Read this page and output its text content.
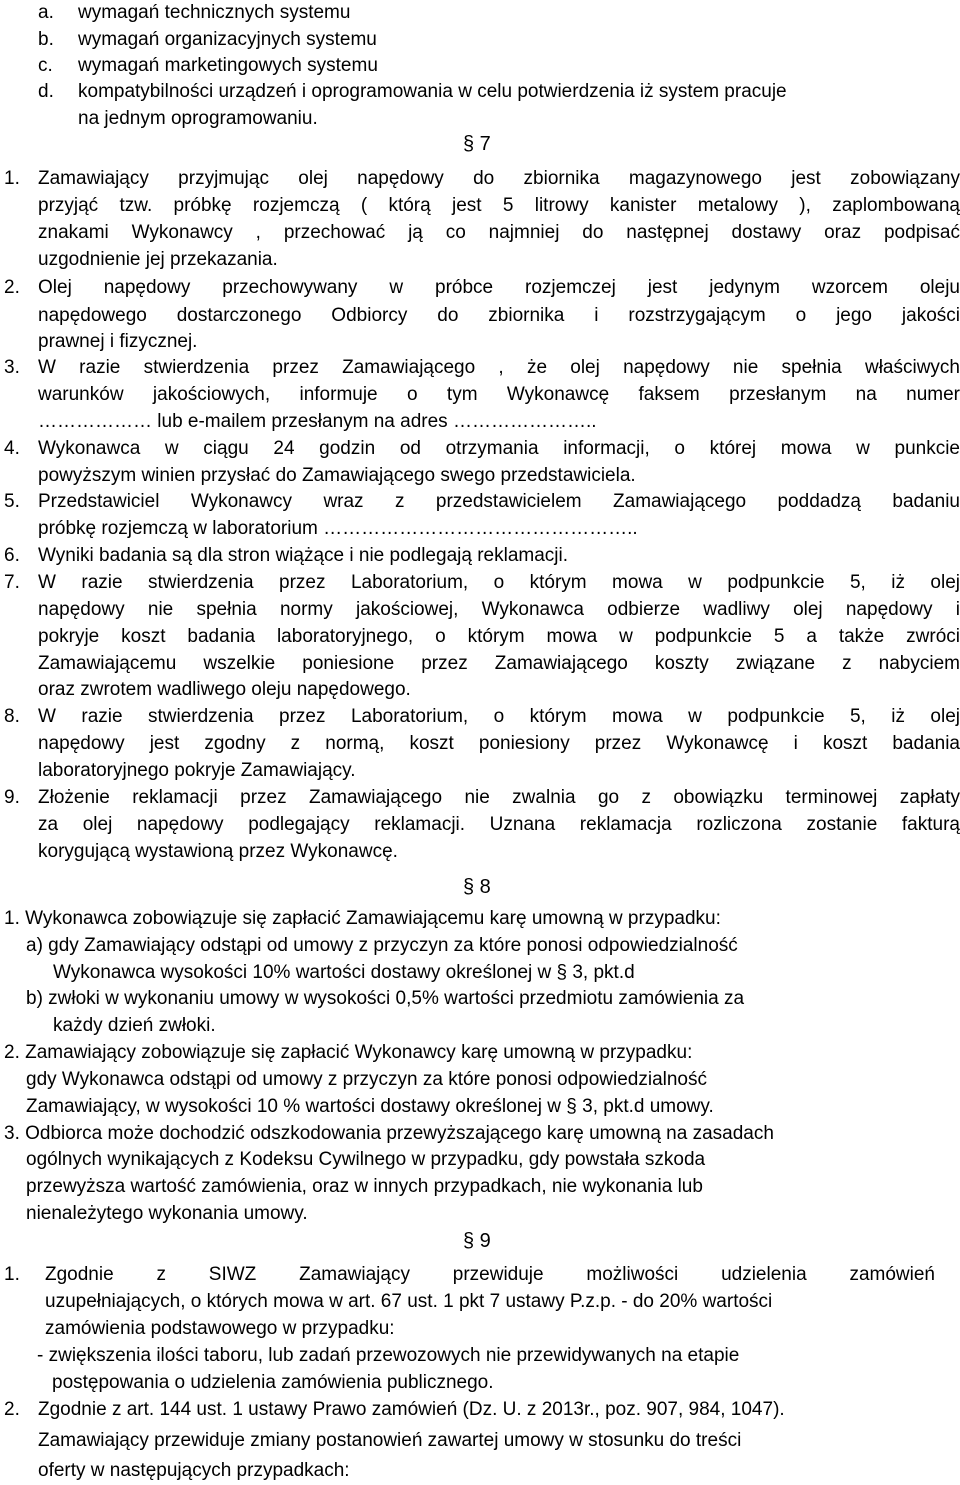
a. wymagań technicznych systemu
b. wymagań organizacyjnych systemu
c. wymagań marketingowych systemu
d. kompatybilności urządzeń i oprogramowania w celu potwierdzenia iż system pracuje
na jednym oprogramowaniu.
§ 7
1. Zamawiający przyjmując olej napędowy do zbiornika magazynowego jest zobowiązany
przyjąć tzw. próbkę rozjemczą ( którą jest 5 litrowy kanister metalowy ), zaplombowaną
znakami Wykonawcy , przechować ją co najmniej do następnej dostawy oraz podpisać
uzgodnienie jej przekazania.
2. Olej napędowy przechowywany w próbce rozjemczej jest jedynym wzorcem oleju
napędowego dostarczonego Odbiorcy do zbiornika i rozstrzygającym o jego jakości
prawnej i fizycznej.
3. W razie stwierdzenia przez Zamawiającego , że olej napędowy nie spełnia właściwych
warunków jakościowych, informuje o tym Wykonawcę faksem przesłanym na numer
……………… lub e-mailem przesłanym na adres …………………..
4. Wykonawca w ciągu 24 godzin od otrzymania informacji, o której mowa w punkcie
powyższym winien przysłać do Zamawiającego swego przedstawiciela.
5. Przedstawiciel Wykonawcy wraz z przedstawicielem Zamawiającego poddadzą badaniu
próbkę rozjemczą w laboratorium …………………………………………..
6. Wyniki badania są dla stron wiążące i nie podlegają reklamacji.
7. W razie stwierdzenia przez Laboratorium, o którym mowa w podpunkcie 5, iż olej
napędowy nie spełnia normy jakościowej, Wykonawca odbierze wadliwy olej napędowy i
pokryje koszt badania laboratoryjnego, o którym mowa w podpunkcie 5 a także zwróci
Zamawiającemu wszelkie poniesione przez Zamawiającego koszty związane z nabyciem
oraz zwrotem wadliwego oleju napędowego.
8. W razie stwierdzenia przez Laboratorium, o którym mowa w podpunkcie 5, iż olej
napędowy jest zgodny z normą, koszt poniesiony przez Wykonawcę i koszt badania
laboratoryjnego pokryje Zamawiający.
9. Złożenie reklamacji przez Zamawiającego nie zwalnia go z obowiązku terminowej zapłaty
za olej napędowy podlegający reklamacji. Uznana reklamacja rozliczona zostanie fakturą
korygującą wystawioną przez Wykonawcę.
§ 8
1. Wykonawca zobowiązuje się zapłacić Zamawiającemu karę umowną w przypadku:
a) gdy Zamawiający odstąpi od umowy z przyczyn za które ponosi odpowiedzialność
Wykonawca wysokości 10% wartości dostawy określonej w § 3, pkt.d
b) zwłoki w wykonaniu umowy w wysokości 0,5% wartości przedmiotu zamówienia za
każdy dzień zwłoki.
2. Zamawiający zobowiązuje się zapłacić Wykonawcy karę umowną w przypadku:
gdy Wykonawca odstąpi od umowy z przyczyn za które ponosi odpowiedzialność
Zamawiający, w wysokości 10 % wartości dostawy określonej w § 3, pkt.d umowy.
3. Odbiorca może dochodzić odszkodowania przewyższającego karę umowną na zasadach
ogólnych wynikających z Kodeksu Cywilnego w przypadku, gdy powstała szkoda
przewyższa wartość zamówienia, oraz w innych przypadkach, nie wykonania lub
nienależytego wykonania umowy.
§ 9
1. Zgodnie z SIWZ Zamawiający przewiduje możliwości udzielenia zamówień
uzupełniających, o których mowa w art. 67 ust. 1 pkt 7 ustawy P.z.p. - do 20% wartości
zamówienia podstawowego w przypadku:
- zwiększenia ilości taboru, lub zadań przewozowych nie przewidywanych na etapie
postępowania o udzielenia zamówienia publicznego.
2. Zgodnie z art. 144 ust. 1 ustawy Prawo zamówień (Dz. U. z 2013r., poz. 907, 984, 1047).
Zamawiający przewiduje zmiany postanowień zawartej umowy w stosunku do treści
oferty w następujących przypadkach:
